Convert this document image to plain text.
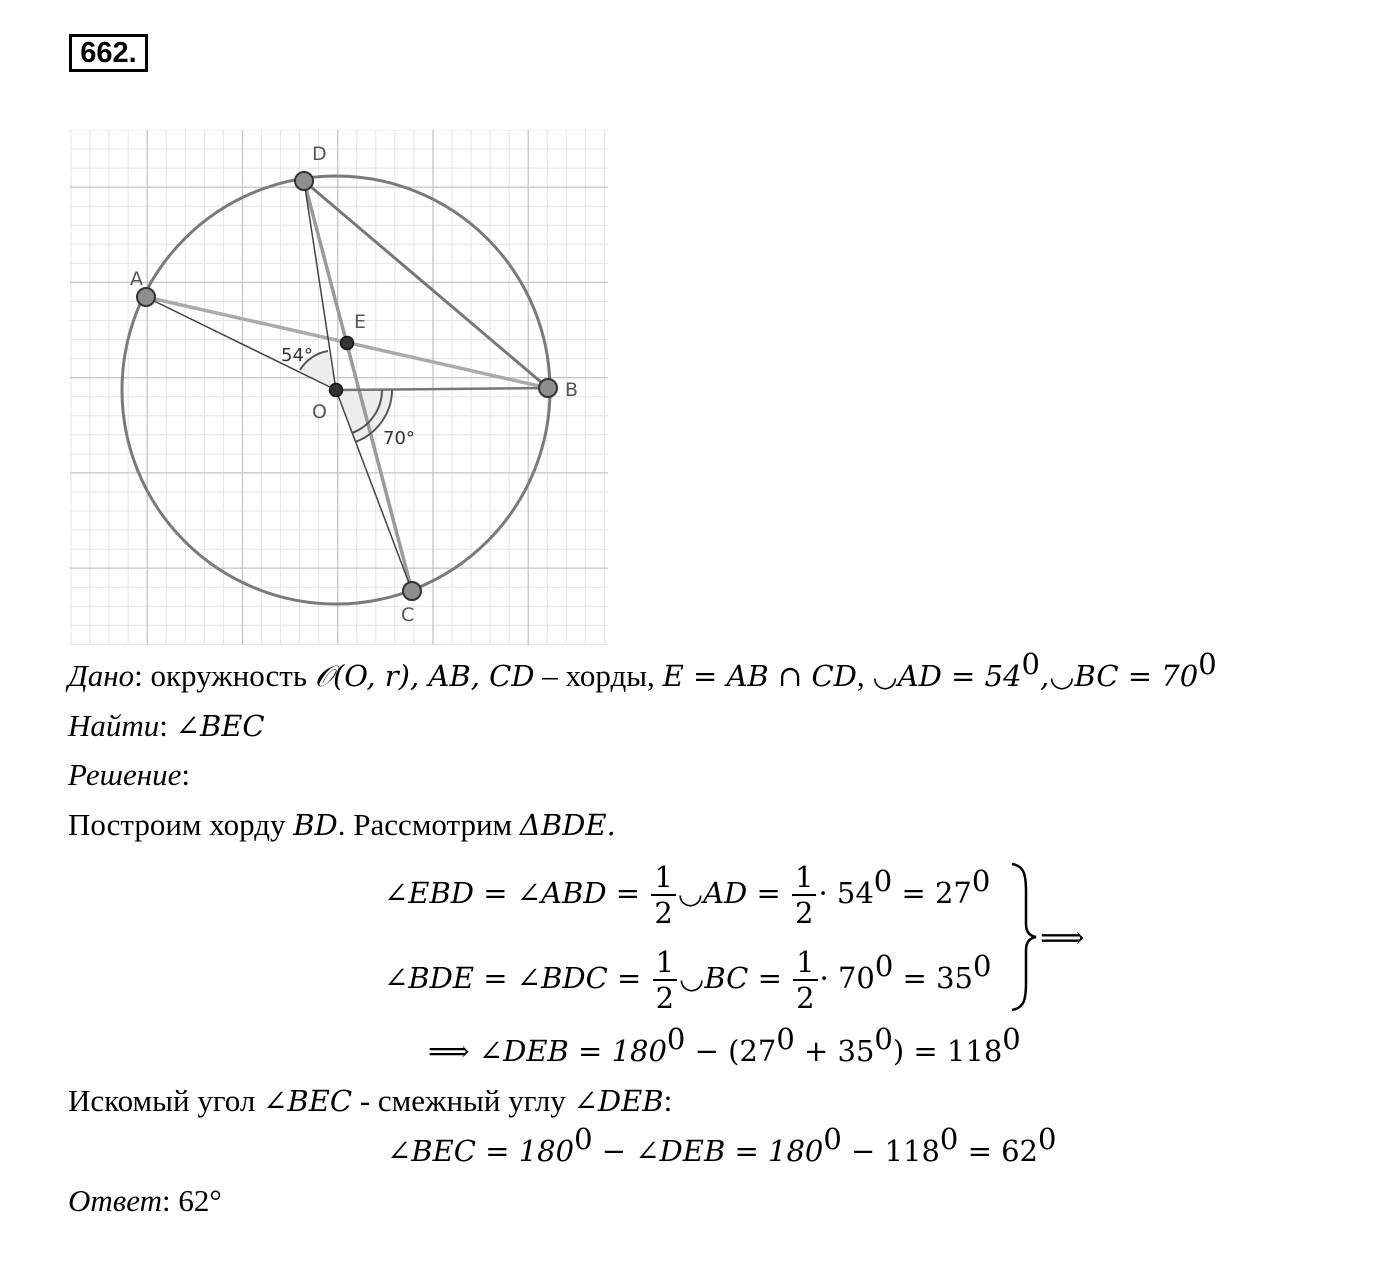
662.
D
A
B
C
E
O
54°
70°
Дано: окружность 𝒪(O, r), AB, CD – хорды, E = AB ∩ CD, ◡AD = $54^0,◡BC = 70^0$
Найти: ∠BEC
Решение:
Построим хорду BD. Рассмотрим ΔBDE.
∠EBD = ∠ABD = $\frac{1}{2}$ ◡AD = $\frac{1}{2} \cdot 54^0 = 27^0$
∠BDE = ∠BDC = $\frac{1}{2}$ ◡BC = $\frac{1}{2} \cdot 70^0 = 35^0$
⟹
⟹ ∠DEB = $180^0 - (27^0 + 35^0) = 118^0$
Искомый угол ∠BEC - смежный углу ∠DEB:
∠BEC = $180^0$ − ∠DEB = $180^0 - 118^0 = 62^0$
Ответ: 62°
